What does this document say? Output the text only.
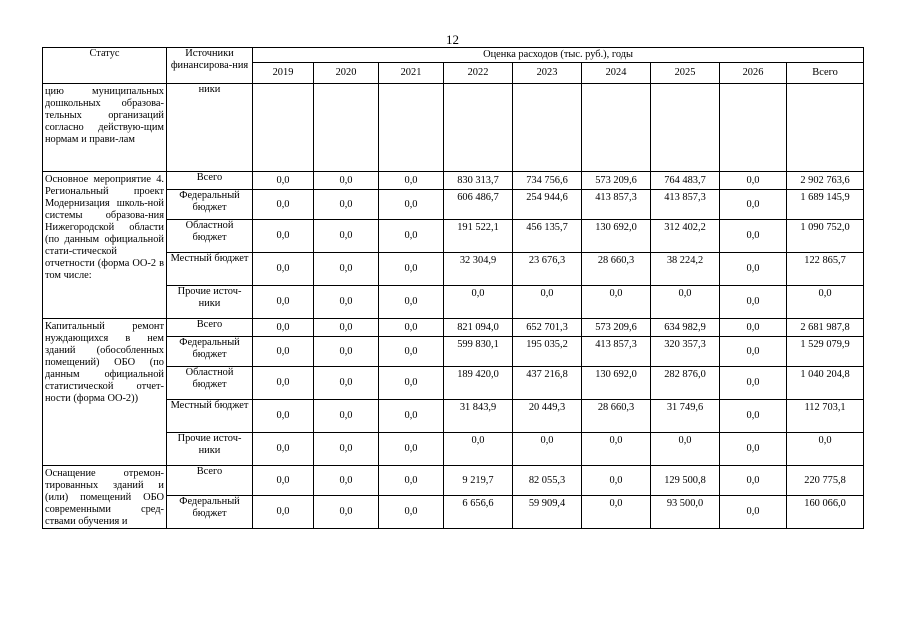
12
Статус	Источники финансирова-ния	Оценка расходов (тыс. руб.), годы								
		2019	2020	2021	2022	2023	2024	2025	2026	Всего
цию муниципальных дошкольных образова-тельных организаций согласно действую-щим нормам и прави-лам	ники									
Основное мероприятие 4. Региональный проект Модернизация школь-ной системы образова-ния Нижегородской области (по данным официальной стати-стической отчетности (форма ОО-2 в том числе:	Всего	0,0	0,0	0,0	830 313,7	734 756,6	573 209,6	764 483,7	0,0	2 902 763,6
	Федеральный бюджет	0,0	0,0	0,0	606 486,7	254 944,6	413 857,3	413 857,3	0,0	1 689 145,9
	Областной бюджет	0,0	0,0	0,0	191 522,1	456 135,7	130 692,0	312 402,2	0,0	1 090 752,0
	Местный бюджет	0,0	0,0	0,0	32 304,9	23 676,3	28 660,3	38 224,2	0,0	122 865,7
	Прочие источ-ники	0,0	0,0	0,0	0,0	0,0	0,0	0,0	0,0	0,0
Капитальный ремонт нуждающихся в нем зданий (обособленных помещений) ОБО (по данным официальной статистической отчет-ности (форма ОО-2))	Всего	0,0	0,0	0,0	821 094,0	652 701,3	573 209,6	634 982,9	0,0	2 681 987,8
	Федеральный бюджет	0,0	0,0	0,0	599 830,1	195 035,2	413 857,3	320 357,3	0,0	1 529 079,9
	Областной бюджет	0,0	0,0	0,0	189 420,0	437 216,8	130 692,0	282 876,0	0,0	1 040 204,8
	Местный бюджет	0,0	0,0	0,0	31 843,9	20 449,3	28 660,3	31 749,6	0,0	112 703,1
	Прочие источ-ники	0,0	0,0	0,0	0,0	0,0	0,0	0,0	0,0	0,0
Оснащение отремон-тированных зданий и (или) помещений ОБО современными сред-ствами обучения и	Всего	0,0	0,0	0,0	9 219,7	82 055,3	0,0	129 500,8	0,0	220 775,8
	Федеральный бюджет	0,0	0,0	0,0	6 656,6	59 909,4	0,0	93 500,0	0,0	160 066,0
